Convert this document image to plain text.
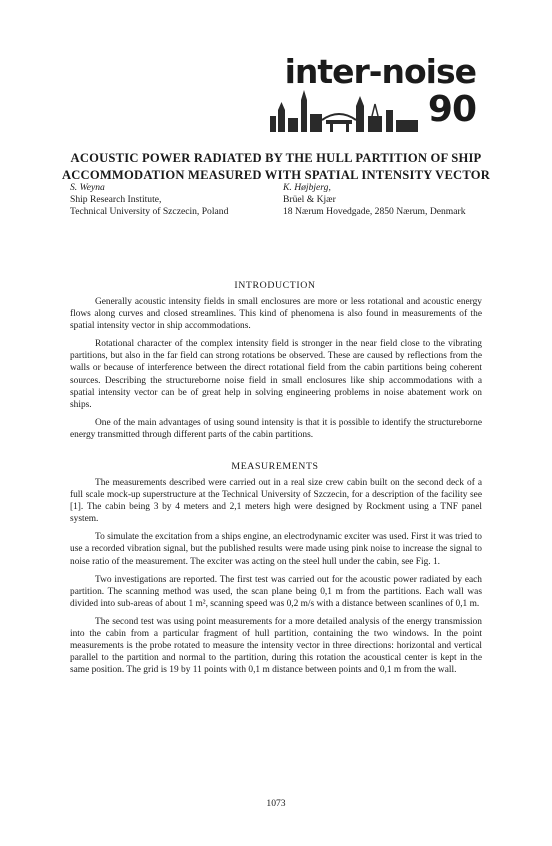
inter-noise
90
ACOUSTIC POWER RADIATED BY THE HULL PARTITION OF SHIP
ACCOMMODATION MEASURED WITH SPATIAL INTENSITY VECTOR
S. Weyna
Ship Research Institute,
Technical University of Szczecin, Poland
K. Højbjerg,
Brüel & Kjær
18 Nærum Hovedgade, 2850 Nærum, Denmark
INTRODUCTION

Generally acoustic intensity fields in small enclosures are more or less rotational and acoustic energy flows along curves and closed streamlines. This kind of phenomena is also found in measurements of the spatial intensity vector in ship accommodations.

Rotational character of the complex intensity field is stronger in the near field close to the vibrating partitions, but also in the far field can strong rotations be observed. These are caused by reflections from the walls or because of interference between the direct rotational field from the cabin partitions being coherent sources. Describing the structureborne noise field in small enclosures like ship accommodations with a spatial intensity vector can be of great help in solving engineering problems in noise abatement work on ships.

One of the main advantages of using sound intensity is that it is possible to identify the structureborne energy transmitted through different parts of the cabin partitions.

MEASUREMENTS

The measurements described were carried out in a real size crew cabin built on the second deck of a full scale mock-up superstructure at the Technical University of Szczecin, for a description of the facility see [1]. The cabin being 3 by 4 meters and 2,1 meters high were designed by Rockment using a TNF panel system.

To simulate the excitation from a ships engine, an electrodynamic exciter was used. First it was tried to use a recorded vibration signal, but the published results were made using pink noise to increase the signal to noise ratio of the measurement. The exciter was acting on the steel hull under the cabin, see Fig. 1.

Two investigations are reported. The first test was carried out for the acoustic power radiated by each partition. The scanning method was used, the scan plane being 0,1 m from the partitions. Each wall was divided into sub-areas of about 1 m², scanning speed was 0,2 m/s with a distance between scanlines of 0,1 m.

The second test was using point measurements for a more detailed analysis of the energy transmission into the cabin from a particular fragment of hull partition, containing the two windows. In the point measurements is the probe rotated to measure the intensity vector in three directions: horizontal and vertical parallel to the partition and normal to the partition, during this rotation the acoustical center is kept in the same position. The grid is 19 by 11 points with 0,1 m distance between points and 0,1 m from the wall.

1073
